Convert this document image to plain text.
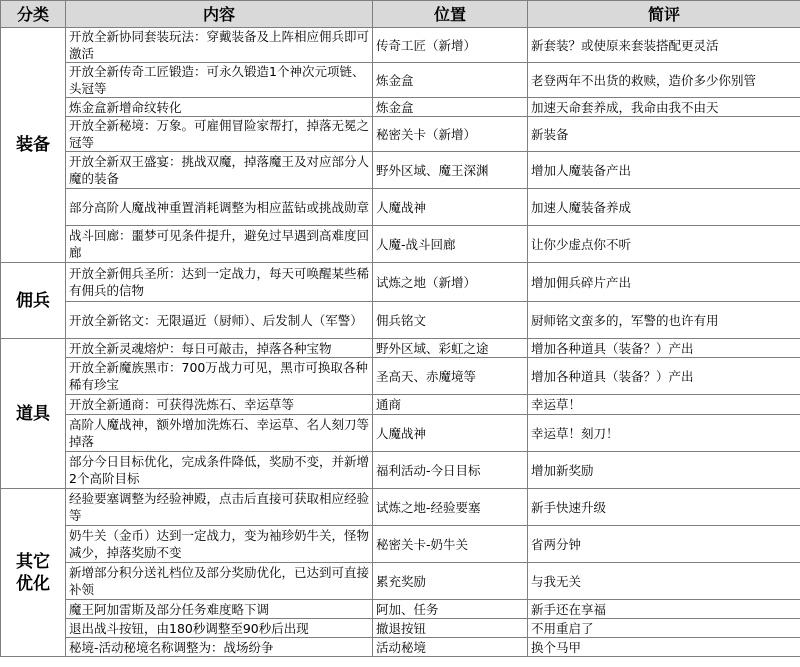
分类	内容	位置	简评
装备	开放全新协同套装玩法：穿戴装备及上阵相应佣兵即可激活	传奇工匠（新增）	新套装？或使原来套装搭配更灵活
	开放全新传奇工匠锻造：可永久锻造1个神次元项链、头冠等	炼金盒	老登两年不出货的救赎，造价多少你别管
	炼金盒新增命纹转化	炼金盒	加速天命套养成，我命由我不由天
	开放全新秘境：万象。可雇佣冒险家帮打，掉落无冕之冠等	秘密关卡（新增）	新装备
	开放全新双王盛宴：挑战双魔，掉落魔王及对应部分人魔的装备	野外区域、魔王深渊	增加人魔装备产出
	部分高阶人魔战神重置消耗调整为相应蓝钻或挑战勋章	人魔战神	加速人魔装备养成
	战斗回廊：噩梦可见条件提升，避免过早遇到高难度回廊	人魔-战斗回廊	让你少虚点你不听
佣兵	开放全新佣兵圣所：达到一定战力，每天可唤醒某些稀有佣兵的信物	试炼之地（新增）	增加佣兵碎片产出
	开放全新铭文：无限逼近（厨师）、后发制人（军警）	佣兵铭文	厨师铭文蛮多的，军警的也许有用
道具	开放全新灵魂熔炉：每日可敲击，掉落各种宝物	野外区域、彩虹之途	增加各种道具（装备？）产出
	开放全新魔族黑市：700万战力可见，黑市可换取各种稀有珍宝	圣高天、赤魔境等	增加各种道具（装备？）产出
	开放全新通商：可获得洗炼石、幸运草等	通商	幸运草！
	高阶人魔战神，额外增加洗炼石、幸运草、名人刻刀等掉落	人魔战神	幸运草！刻刀！
	部分今日目标优化，完成条件降低，奖励不变，并新增2个高阶目标	福利活动-今日目标	增加新奖励
其它优化	经验要塞调整为经验神殿，点击后直接可获取相应经验等	试炼之地-经验要塞	新手快速升级
	奶牛关（金币）达到一定战力，变为袖珍奶牛关，怪物减少，掉落奖励不变	秘密关卡-奶牛关	省两分钟
	新增部分积分送礼档位及部分奖励优化，已达到可直接补领	累充奖励	与我无关
	魔王阿加雷斯及部分任务难度略下调	阿加、任务	新手还在享福
	退出战斗按钮，由180秒调整至90秒后出现	撤退按钮	不用重启了
	秘境-活动秘境名称调整为：战场纷争	活动秘境	换个马甲
